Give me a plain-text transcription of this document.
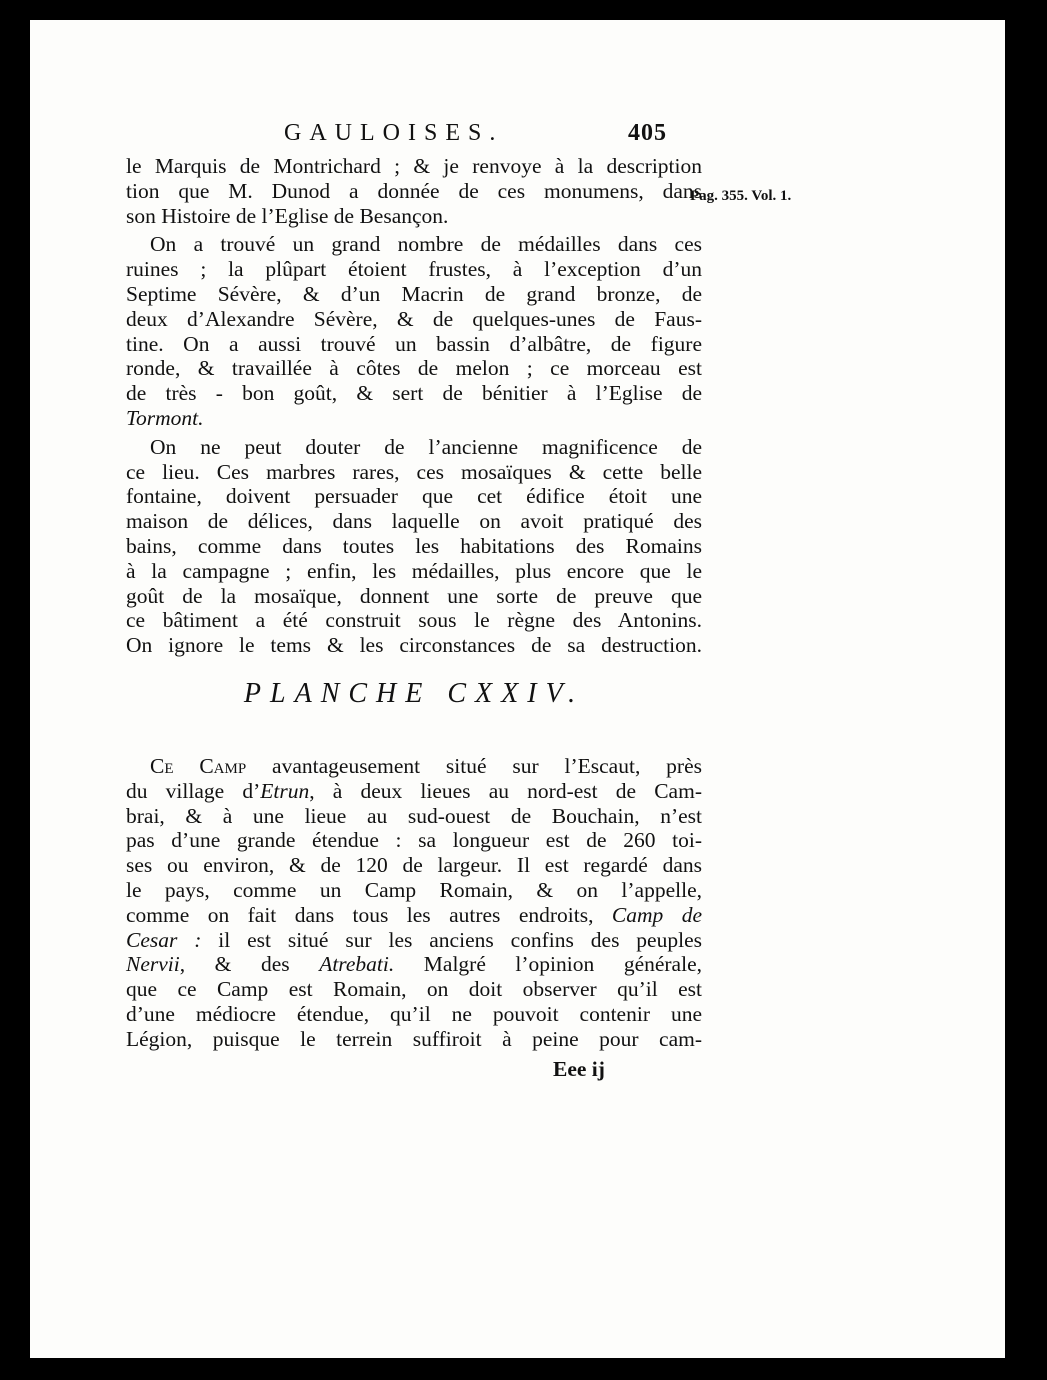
GAULOISES.	405
Pag. 355. Vol. 1.

le Marquis de Montrichard ; & je renvoye à la description
tion que M. Dunod a donnée de ces monumens, dans
son Histoire de l’Eglise de Besançon.

On a trouvé un grand nombre de médailles dans ces
ruines ; la plûpart étoient frustes, à l’exception d’un
Septime Sévère, & d’un Macrin de grand bronze, de
deux d’Alexandre Sévère, & de quelques-unes de Faus-
tine. On a aussi trouvé un bassin d’albâtre, de figure
ronde, & travaillée à côtes de melon ; ce morceau est
de très - bon goût, & sert de bénitier à l’Eglise de
Tormont.

On ne peut douter de l’ancienne magnificence de
ce lieu. Ces marbres rares, ces mosaïques & cette belle
fontaine, doivent persuader que cet édifice étoit une
maison de délices, dans laquelle on avoit pratiqué des
bains, comme dans toutes les habitations des Romains
à la campagne ; enfin, les médailles, plus encore que le
goût de la mosaïque, donnent une sorte de preuve que
ce bâtiment a été construit sous le règne des Antonins.
On ignore le tems & les circonstances de sa destruction.

PLANCHE CXXIV.
Ce Camp avantageusement situé sur l’Escaut, près
du village d’Etrun, à deux lieues au nord-est de Cam-
brai, & à une lieue au sud-ouest de Bouchain, n’est
pas d’une grande étendue : sa longueur est de 260 toi-
ses ou environ, & de 120 de largeur. Il est regardé dans
le pays, comme un Camp Romain, & on l’appelle,
comme on fait dans tous les autres endroits, Camp de
Cesar : il est situé sur les anciens confins des peuples
Nervii, & des Atrebati. Malgré l’opinion générale,
que ce Camp est Romain, on doit observer qu’il est
d’une médiocre étendue, qu’il ne pouvoit contenir une
Légion, puisque le terrein suffiroit à peine pour cam-
Eee ij
